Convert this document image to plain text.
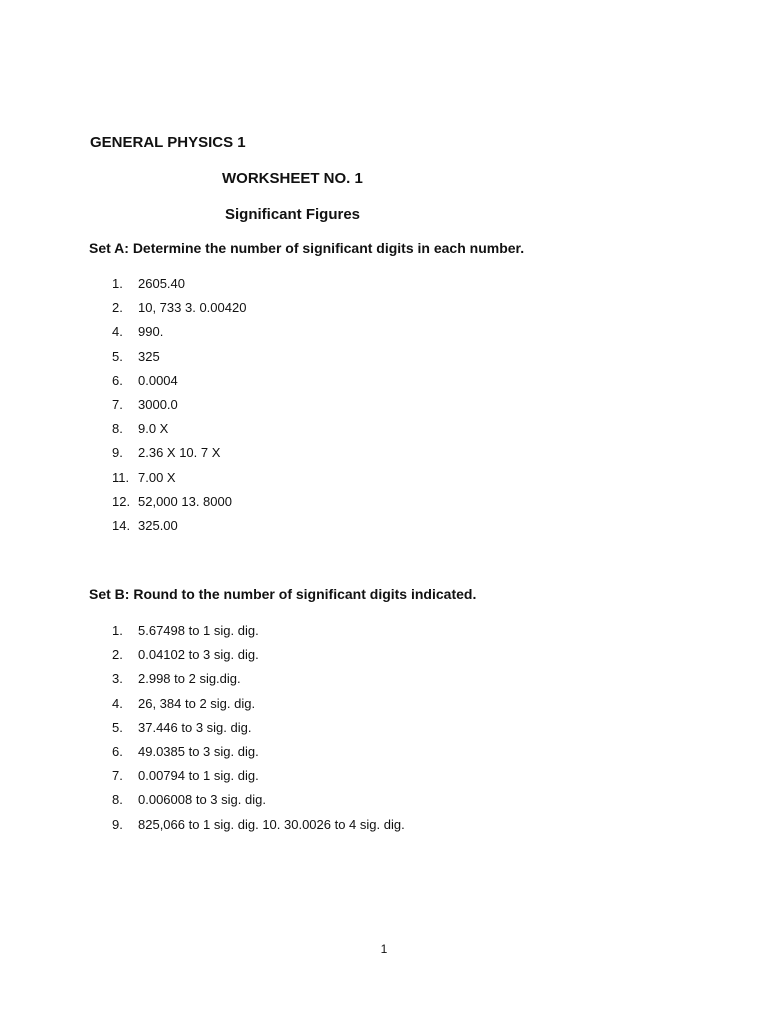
GENERAL PHYSICS 1
WORKSHEET NO. 1
Significant Figures
Set A: Determine the number of significant digits in each number.
1. 2605.40
2. 10, 733 3. 0.00420
4. 990.
5. 325
6. 0.0004
7. 3000.0
8. 9.0 X
9. 2.36 X 10. 7 X
11. 7.00 X
12. 52,000 13. 8000
14. 325.00
Set B: Round to the number of significant digits indicated.
1. 5.67498 to 1 sig. dig.
2. 0.04102 to 3 sig. dig.
3. 2.998 to 2 sig.dig.
4. 26, 384 to 2 sig. dig.
5. 37.446 to 3 sig. dig.
6. 49.0385 to 3 sig. dig.
7. 0.00794 to 1 sig. dig.
8. 0.006008 to 3 sig. dig.
9. 825,066 to 1 sig. dig. 10. 30.0026 to 4 sig. dig.
1
